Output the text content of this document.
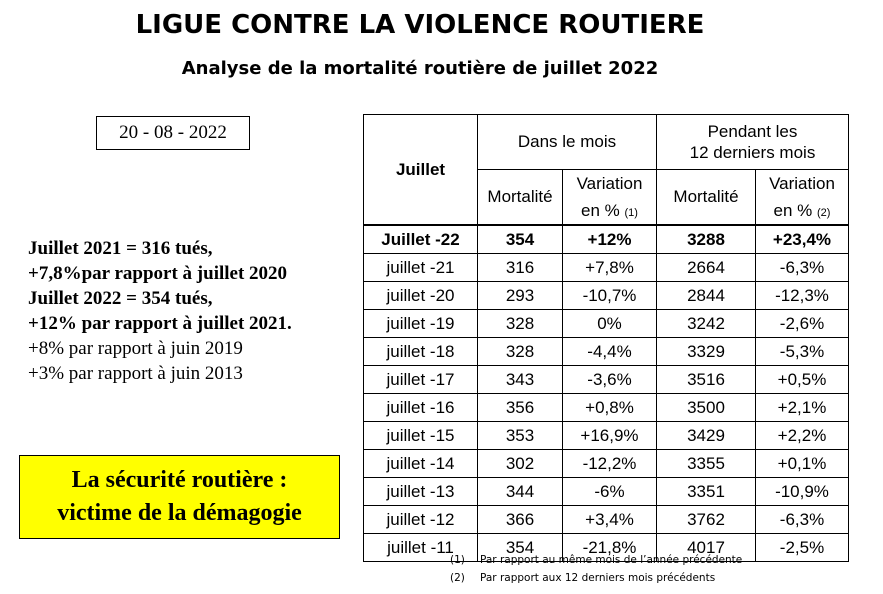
LIGUE CONTRE LA VIOLENCE ROUTIERE
Analyse de la mortalité routière de juillet 2022
20 - 08 - 2022
Juillet 2021 = 316 tués,
+7,8%par rapport à juillet 2020
Juillet 2022 = 354 tués,
+12% par rapport à juillet 2021.
+8% par rapport à juin 2019
+3% par rapport à juin 2013
La sécurité routière :
victime de la démagogie
Juillet	Dans le mois		Pendant les
12 derniers mois	

	Mortalité	Variation	Mortalité	Variation
		en % (1)		en % (2)
Juillet -22	354	+12%	3288	+23,4%
juillet -21	316	+7,8%	2664	-6,3%
juillet -20	293	-10,7%	2844	-12,3%
juillet -19	328	0%	3242	-2,6%
juillet -18	328	-4,4%	3329	-5,3%
juillet -17	343	-3,6%	3516	+0,5%
juillet -16	356	+0,8%	3500	+2,1%
juillet -15	353	+16,9%	3429	+2,2%
juillet -14	302	-12,2%	3355	+0,1%
juillet -13	344	-6%	3351	-10,9%
juillet -12	366	+3,4%	3762	-6,3%
juillet -11	354	-21,8%	4017	-2,5%
(1) Par rapport au même mois de l’année précédente
(2) Par rapport aux 12 derniers mois précédents
